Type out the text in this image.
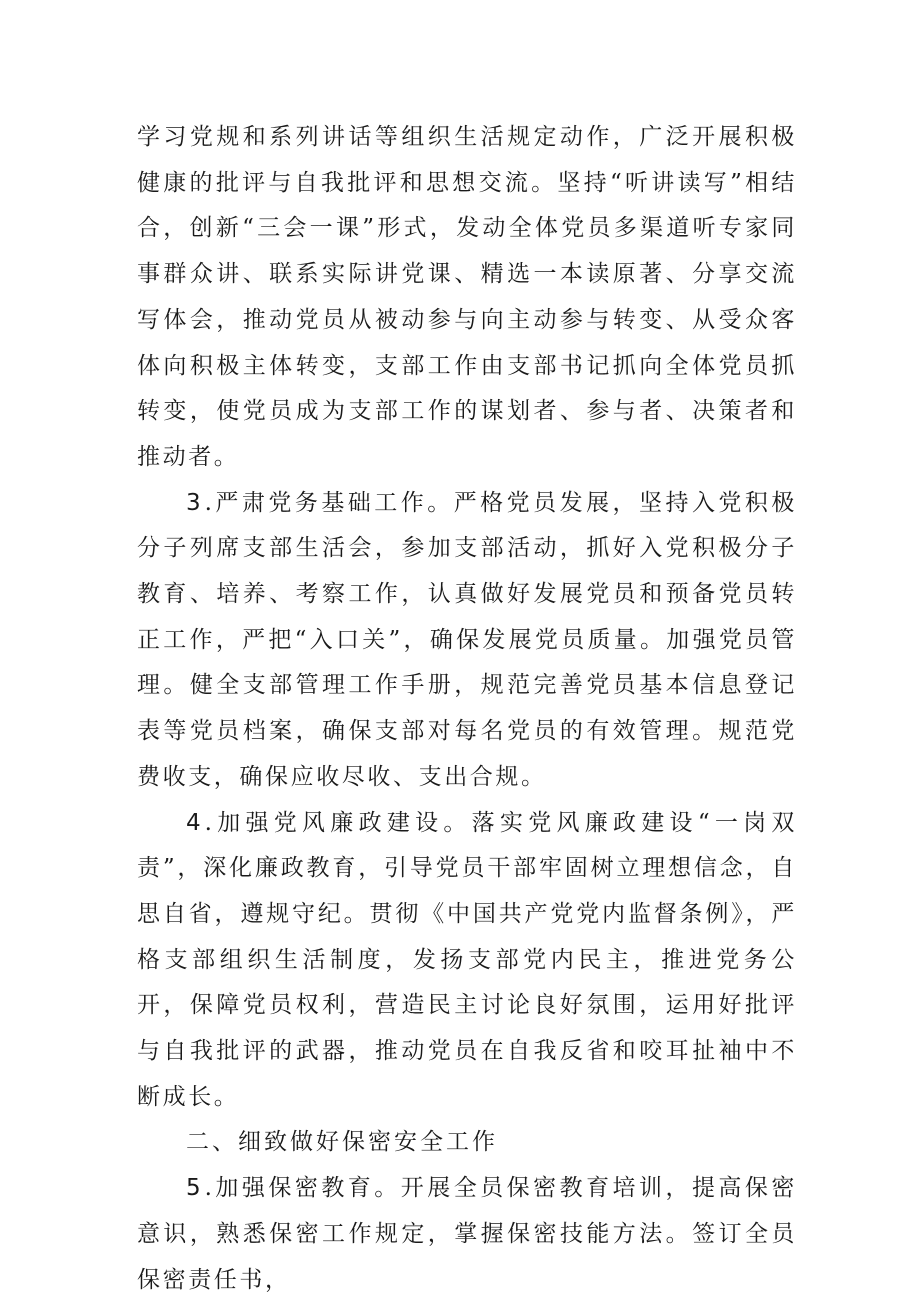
学习党规和系列讲话等组织生活规定动作，广泛开展积极健康的批评与自我批评和思想交流。坚持“听讲读写”相结合，创新“三会一课”形式，发动全体党员多渠道听专家同事群众讲、联系实际讲党课、精选一本读原著、分享交流写体会，推动党员从被动参与向主动参与转变、从受众客体向积极主体转变，支部工作由支部书记抓向全体党员抓转变，使党员成为支部工作的谋划者、参与者、决策者和推动者。

3.严肃党务基础工作。严格党员发展，坚持入党积极分子列席支部生活会，参加支部活动，抓好入党积极分子教育、培养、考察工作，认真做好发展党员和预备党员转正工作，严把“入口关”，确保发展党员质量。加强党员管理。健全支部管理工作手册，规范完善党员基本信息登记表等党员档案，确保支部对每名党员的有效管理。规范党费收支，确保应收尽收、支出合规。

4.加强党风廉政建设。落实党风廉政建设“一岗双责”，深化廉政教育，引导党员干部牢固树立理想信念，自思自省，遵规守纪。贯彻《中国共产党党内监督条例》，严格支部组织生活制度，发扬支部党内民主，推进党务公开，保障党员权利，营造民主讨论良好氛围，运用好批评与自我批评的武器，推动党员在自我反省和咬耳扯袖中不断成长。

二、细致做好保密安全工作

5.加强保密教育。开展全员保密教育培训，提高保密意识，熟悉保密工作规定，掌握保密技能方法。签订全员保密责任书，
